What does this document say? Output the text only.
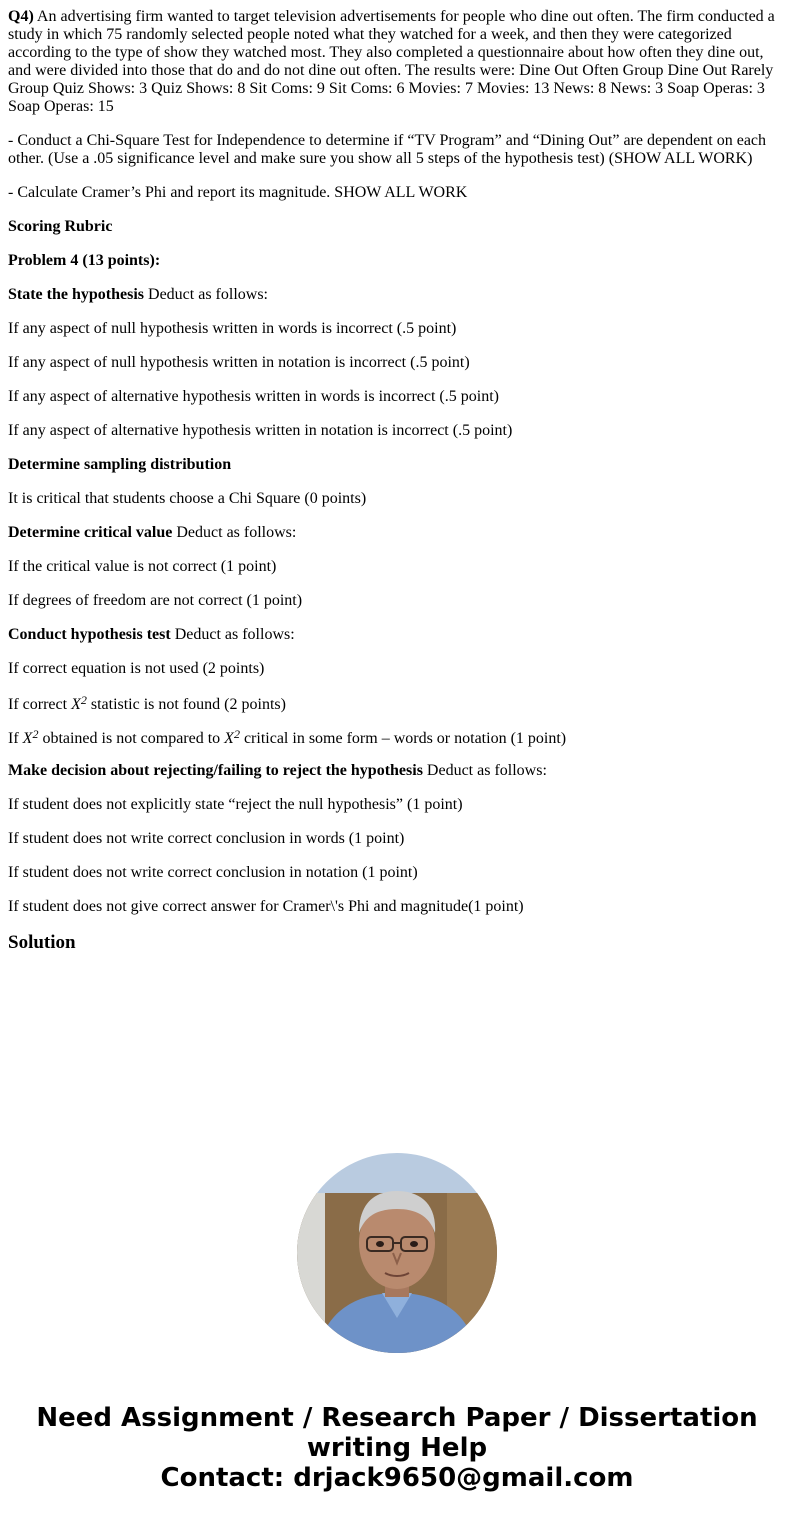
Q4) An advertising firm wanted to target television advertisements for people who dine out often. The firm conducted a study in which 75 randomly selected people noted what they watched for a week, and then they were categorized according to the type of show they watched most. They also completed a questionnaire about how often they dine out, and were divided into those that do and do not dine out often. The results were: Dine Out Often Group Dine Out Rarely Group Quiz Shows: 3 Quiz Shows: 8 Sit Coms: 9 Sit Coms: 6 Movies: 7 Movies: 13 News: 8 News: 3 Soap Operas: 3 Soap Operas: 15

- Conduct a Chi-Square Test for Independence to determine if “TV Program” and “Dining Out” are dependent on each other. (Use a .05 significance level and make sure you show all 5 steps of the hypothesis test) (SHOW ALL WORK)

- Calculate Cramer’s Phi and report its magnitude. SHOW ALL WORK

Scoring Rubric

Problem 4 (13 points):

State the hypothesis Deduct as follows:

If any aspect of null hypothesis written in words is incorrect (.5 point)

If any aspect of null hypothesis written in notation is incorrect (.5 point)

If any aspect of alternative hypothesis written in words is incorrect (.5 point)

If any aspect of alternative hypothesis written in notation is incorrect (.5 point)

Determine sampling distribution

It is critical that students choose a Chi Square (0 points)

Determine critical value Deduct as follows:

If the critical value is not correct (1 point)

If degrees of freedom are not correct (1 point)

Conduct hypothesis test Deduct as follows:

If correct equation is not used (2 points)

If correct $X^2$ statistic is not found (2 points)

If $X^2$ obtained is not compared to $X^2$ critical in some form – words or notation (1 point)

Make decision about rejecting/failing to reject the hypothesis Deduct as follows:

If student does not explicitly state “reject the null hypothesis” (1 point)

If student does not write correct conclusion in words (1 point)

If student does not write correct conclusion in notation (1 point)

If student does not give correct answer for Cramer\'s Phi and magnitude(1 point)

Solution
Need Assignment / Research Paper / Dissertation
writing Help
Contact: drjack9650@gmail.com
